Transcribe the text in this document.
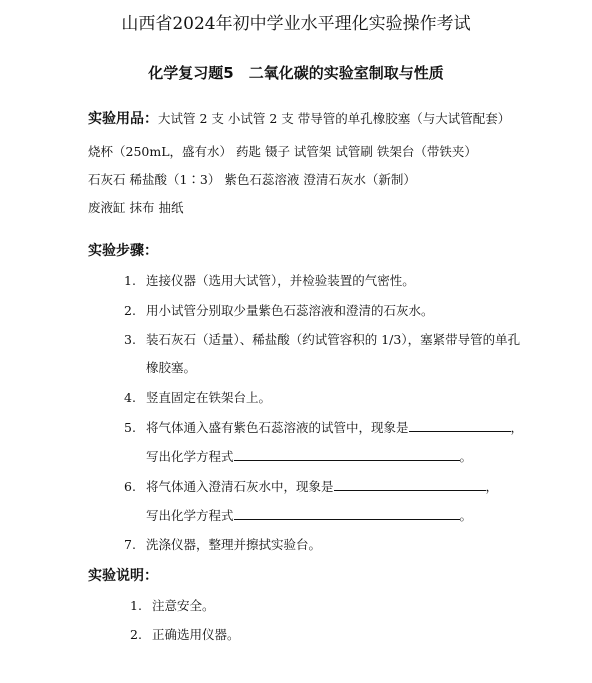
山西省2024年初中学业水平理化实验操作考试
化学复习题5　二氧化碳的实验室制取与性质
实验用品：大试管 2 支 小试管 2 支 带导管的单孔橡胶塞（与大试管配套）
烧杯（250mL，盛有水） 药匙 镊子 试管架 试管刷 铁架台（带铁夹）
石灰石 稀盐酸（1∶3） 紫色石蕊溶液 澄清石灰水（新制）
废液缸 抹布 抽纸
实验步骤：
1. 连接仪器（选用大试管），并检验装置的气密性。
2. 用小试管分别取少量紫色石蕊溶液和澄清的石灰水。
3. 装石灰石（适量）、稀盐酸（约试管容积的 1/3），塞紧带导管的单孔
橡胶塞。
4. 竖直固定在铁架台上。
5. 将气体通入盛有紫色石蕊溶液的试管中，现象是	，
写出化学方程式	。
6. 将气体通入澄清石灰水中，现象是	，
写出化学方程式	。
7. 洗涤仪器，整理并擦拭实验台。
实验说明：
1. 注意安全。
2. 正确选用仪器。
